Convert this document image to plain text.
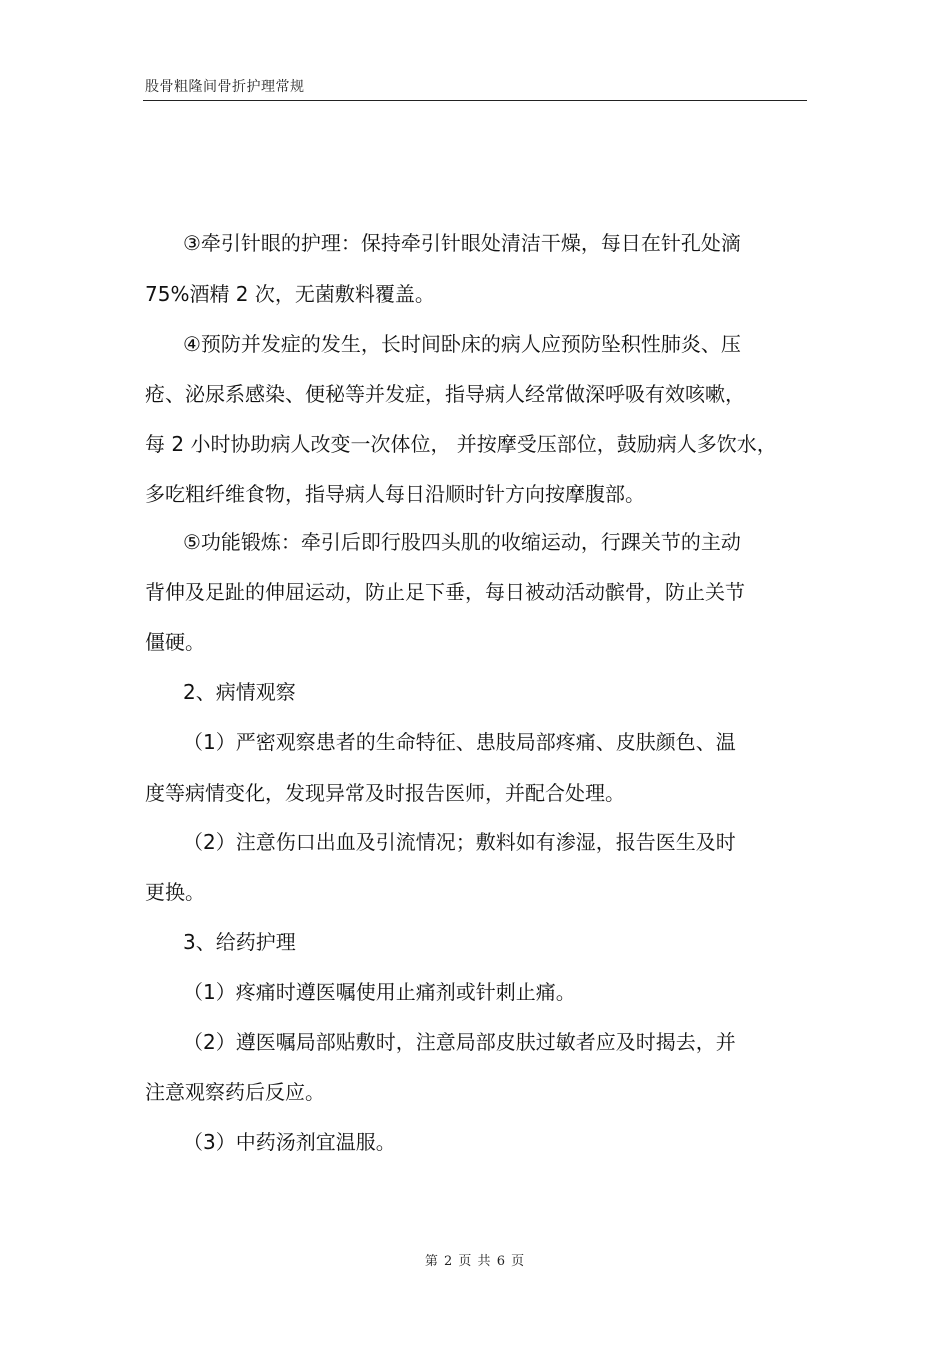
股骨粗隆间骨折护理常规
③牵引针眼的护理：保持牵引针眼处清洁干燥，每日在针孔处滴
75%酒精 2 次，无菌敷料覆盖。
④预防并发症的发生，长时间卧床的病人应预防坠积性肺炎、压
疮、泌尿系感染、便秘等并发症，指导病人经常做深呼吸有效咳嗽，
每 2 小时协助病人改变一次体位， 并按摩受压部位，鼓励病人多饮水，
多吃粗纤维食物，指导病人每日沿顺时针方向按摩腹部。
⑤功能锻炼：牵引后即行股四头肌的收缩运动，行踝关节的主动
背伸及足趾的伸屈运动，防止足下垂，每日被动活动髌骨，防止关节
僵硬。
2、病情观察
（1）严密观察患者的生命特征、患肢局部疼痛、皮肤颜色、温
度等病情变化，发现异常及时报告医师，并配合处理。
（2）注意伤口出血及引流情况；敷料如有渗湿，报告医生及时
更换。
3、给药护理
（1）疼痛时遵医嘱使用止痛剂或针刺止痛。
（2）遵医嘱局部贴敷时，注意局部皮肤过敏者应及时揭去，并
注意观察药后反应。
（3）中药汤剂宜温服。
第 2 页 共 6 页
